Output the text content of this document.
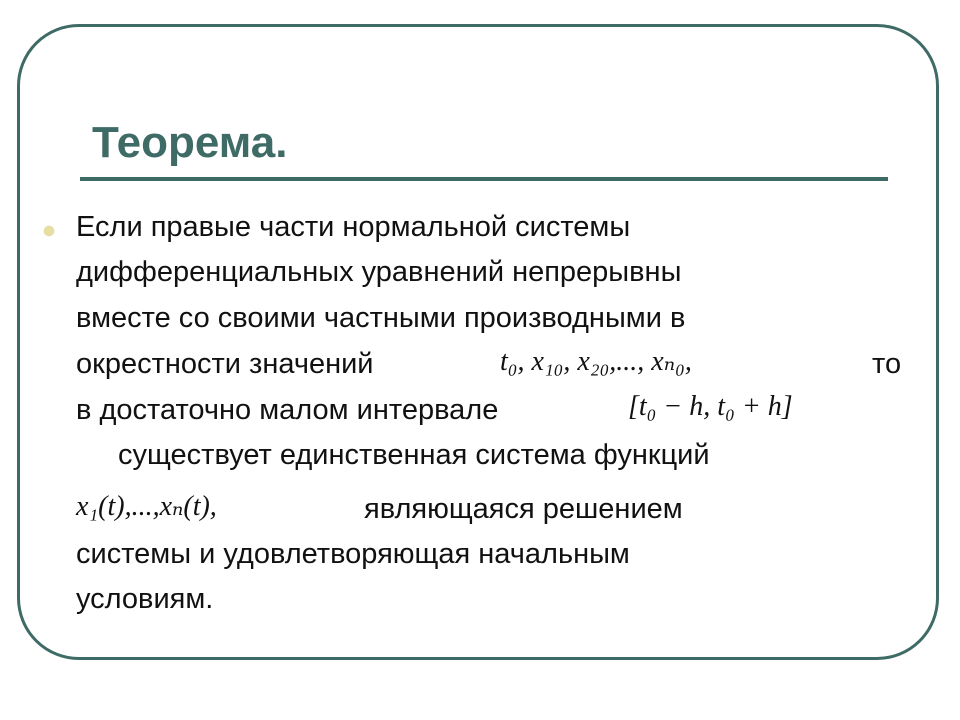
Теорема.
Если правые части нормальной системы
дифференциальных уравнений непрерывны
вместе со своими частными производными в
окрестности значений	t₀, x₁₀, x₂₀,..., xₙ₀,	то
в достаточно малом интервале	[t₀ − h, t₀ + h]
существует единственная система функций
x₁(t),...,xₙ(t),	являющаяся решением
системы и удовлетворяющая начальным
условиям.
